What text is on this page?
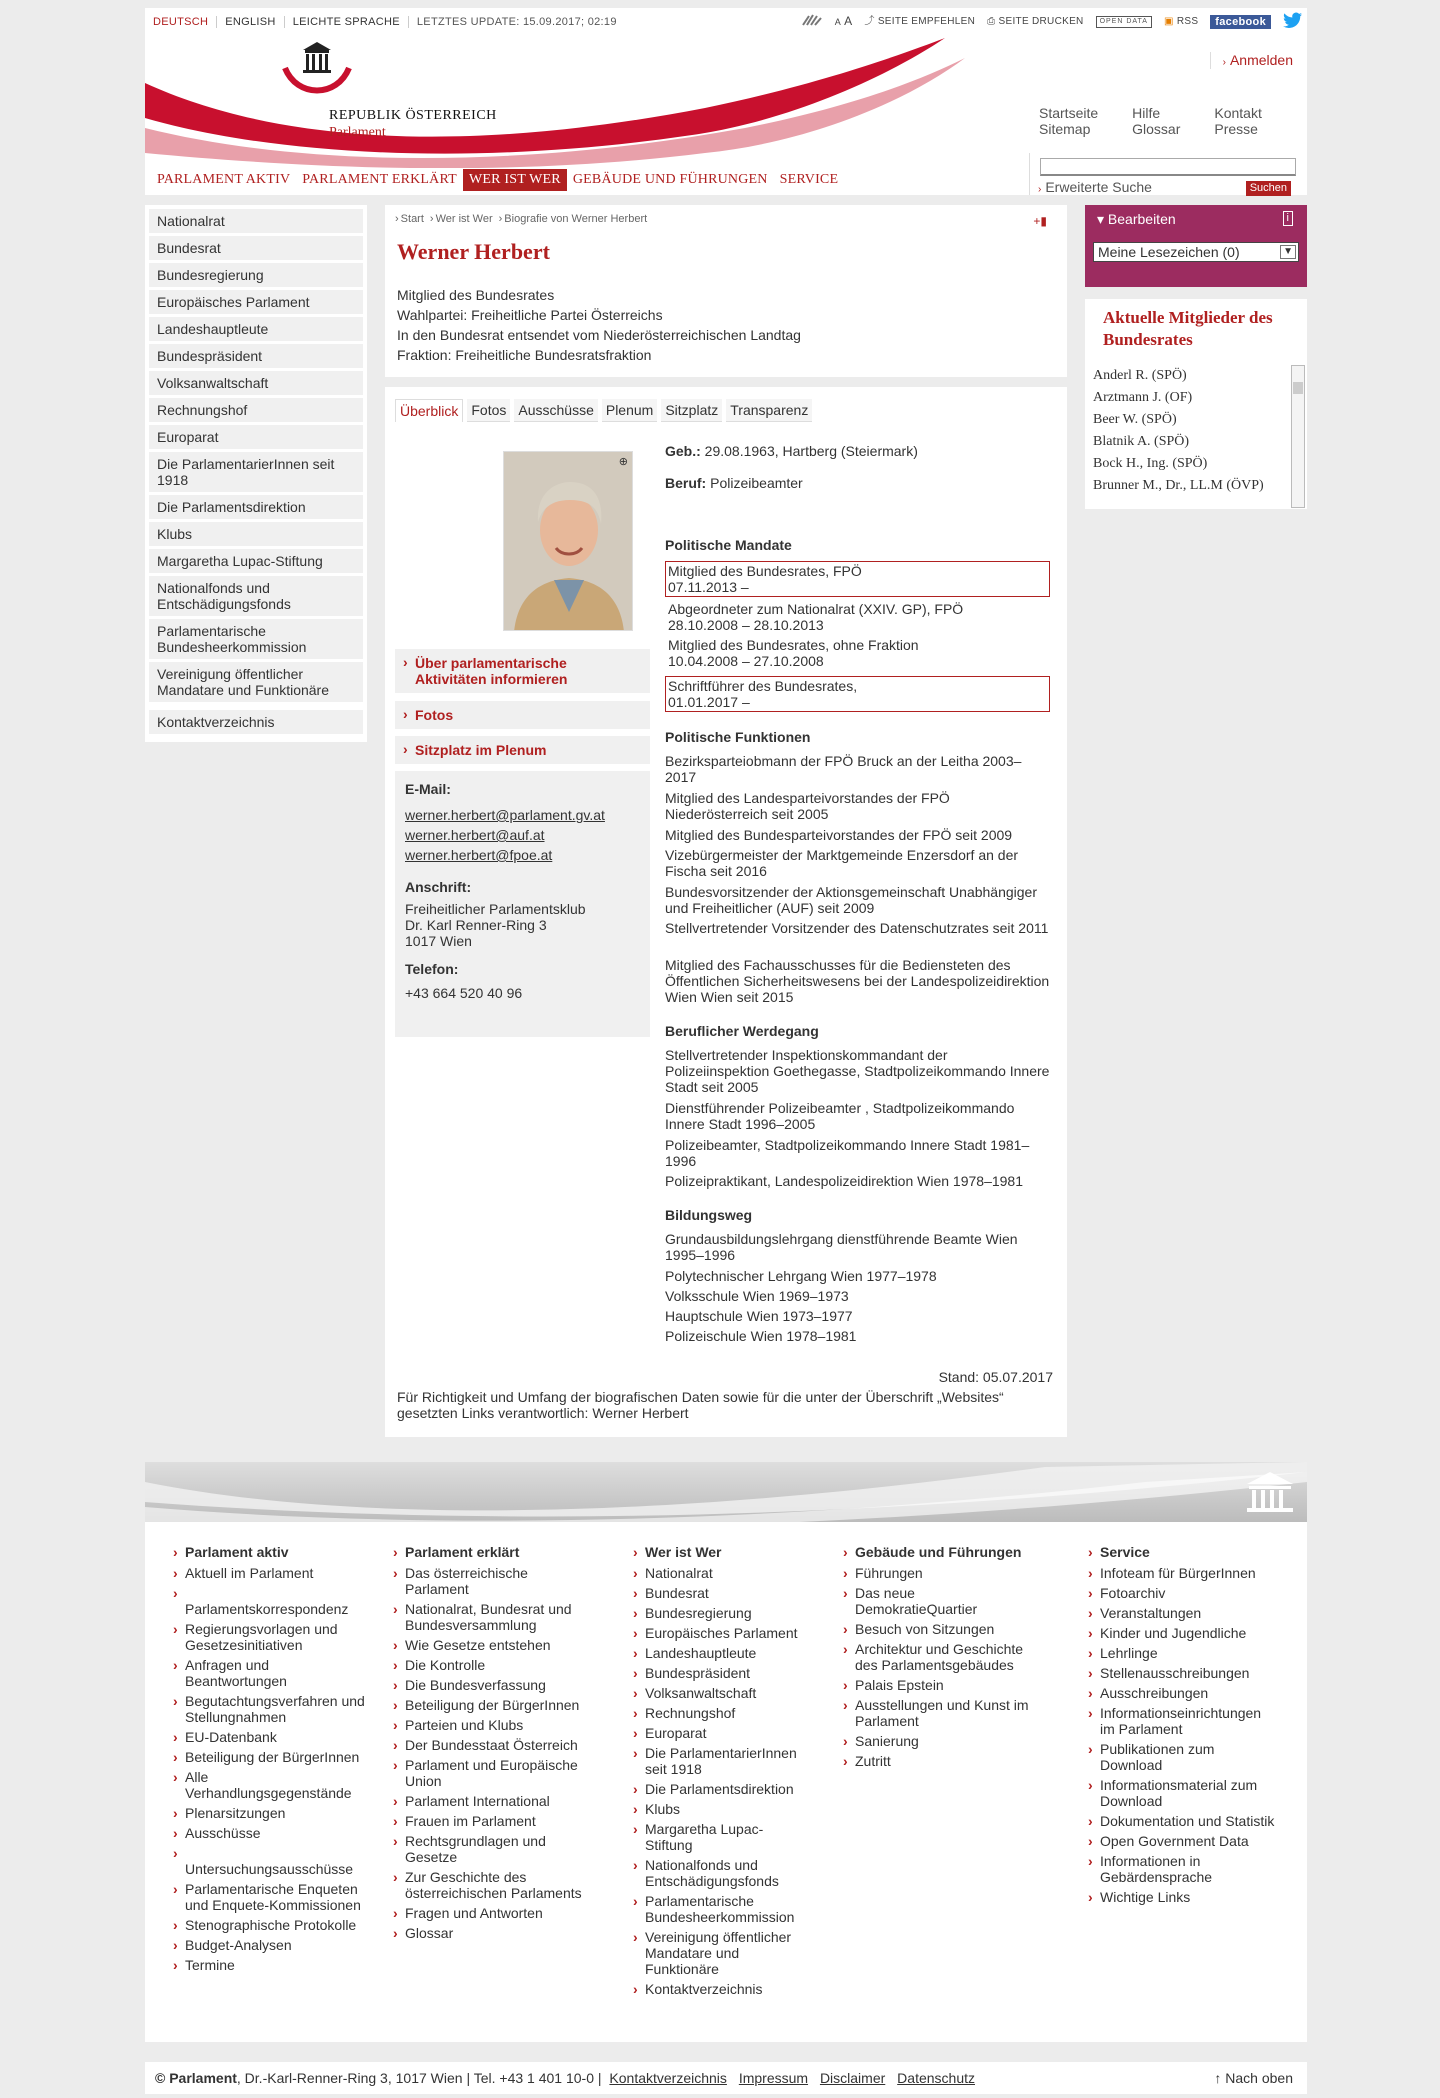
DEUTSCH	ENGLISH	LEICHTE SPRACHE	LETZTES UPDATE: 15.09.2017; 02:19	A A ⤴ SEITE EMPFEHLEN ⎙ SEITE DRUCKEN	OPEN DATA	▣ RSS	facebook
REPUBLIK ÖSTERREICH
Parlament
› Anmelden
Startseite
Sitemap
Hilfe
Glossar
Kontakt
Presse
PARLAMENT AKTIV PARLAMENT ERKLÄRT WER IST WER GEBÄUDE UND FÜHRUNGEN SERVICE
› Erweiterte Suche	Suchen
Nationalrat
Bundesrat
Bundesregierung
Europäisches Parlament
Landeshauptleute
Bundespräsident
Volksanwaltschaft
Rechnungshof
Europarat
Die ParlamentarierInnen seit 1918
Die Parlamentsdirektion
Klubs
Margaretha Lupac-Stiftung
Nationalfonds und Entschädigungsfonds
Parlamentarische Bundesheerkommission
Vereinigung öffentlicher Mandatare und Funktionäre
Kontaktverzeichnis
› Start	› Wer ist Wer	› Biografie von Werner Herbert	+▮
Werner Herbert
Mitglied des Bundesrates
Wahlpartei: Freiheitliche Partei Österreichs
In den Bundesrat entsendet vom Niederösterreichischen Landtag
Fraktion: Freiheitliche Bundesratsfraktion
Überblick Fotos Ausschüsse Plenum Sitzplatz Transparenz
⊕
› Über parlamentarische Aktivitäten informieren
› Fotos
› Sitzplatz im Plenum
E-Mail:
werner.herbert@parlament.gv.at
werner.herbert@auf.at
werner.herbert@fpoe.at
Anschrift:
Freiheitlicher Parlamentsklub
Dr. Karl Renner-Ring 3
1017 Wien
Telefon:
+43 664 520 40 96
Geb.: 29.08.1963, Hartberg (Steiermark)
Beruf: Polizeibeamter
Politische Mandate
Mitglied des Bundesrates, FPÖ
07.11.2013 –
Abgeordneter zum Nationalrat (XXIV. GP), FPÖ
28.10.2008 – 28.10.2013
Mitglied des Bundesrates, ohne Fraktion
10.04.2008 – 27.10.2008
Schriftführer des Bundesrates,
01.01.2017 –
Politische Funktionen
Bezirksparteiobmann der FPÖ Bruck an der Leitha 2003–2017
Mitglied des Landesparteivorstandes der FPÖ Niederösterreich seit 2005
Mitglied des Bundesparteivorstandes der FPÖ seit 2009
Vizebürgermeister der Marktgemeinde Enzersdorf an der Fischa seit 2016
Bundesvorsitzender der Aktionsgemeinschaft Unabhängiger und Freiheitlicher (AUF) seit 2009
Stellvertretender Vorsitzender des Datenschutzrates seit 2011
Mitglied des Fachausschusses für die Bediensteten des Öffentlichen Sicherheitswesens bei der Landespolizeidirektion Wien Wien seit 2015
Beruflicher Werdegang
Stellvertretender Inspektionskommandant der Polizeiinspektion Goethegasse, Stadtpolizeikommando Innere Stadt seit 2005
Dienstführender Polizeibeamter , Stadtpolizeikommando Innere Stadt 1996–2005
Polizeibeamter, Stadtpolizeikommando Innere Stadt 1981–1996
Polizeipraktikant, Landespolizeidirektion Wien 1978–1981
Bildungsweg
Grundausbildungslehrgang dienstführende Beamte Wien 1995–1996
Polytechnischer Lehrgang Wien 1977–1978
Volksschule Wien 1969–1973
Hauptschule Wien 1973–1977
Polizeischule Wien 1978–1981
Stand: 05.07.2017
Für Richtigkeit und Umfang der biografischen Daten sowie für die unter der Überschrift „Websites“ gesetzten Links verantwortlich: Werner Herbert
▾ Bearbeiten	i
Meine Lesezeichen (0)	▼
Aktuelle Mitglieder des Bundesrates
Anderl R. (SPÖ)
Arztmann J. (OF)
Beer W. (SPÖ)
Blatnik A. (SPÖ)
Bock H., Ing. (SPÖ)
Brunner M., Dr., LL.M (ÖVP)
› Parlament aktiv
› Aktuell im Parlament
› Parlamentskorrespondenz
› Regierungsvorlagen und Gesetzesinitiativen
› Anfragen und Beantwortungen
› Begutachtungsverfahren und Stellungnahmen
› EU-Datenbank
› Beteiligung der BürgerInnen
› Alle Verhandlungsgegenstände
› Plenarsitzungen
› Ausschüsse
› Untersuchungsausschüsse
› Parlamentarische Enqueten und Enquete-Kommissionen
› Stenographische Protokolle
› Budget-Analysen
› Termine
› Parlament erklärt
› Das österreichische Parlament
› Nationalrat, Bundesrat und Bundesversammlung
› Wie Gesetze entstehen
› Die Kontrolle
› Die Bundesverfassung
› Beteiligung der BürgerInnen
› Parteien und Klubs
› Der Bundesstaat Österreich
› Parlament und Europäische Union
› Parlament International
› Frauen im Parlament
› Rechtsgrundlagen und Gesetze
› Zur Geschichte des österreichischen Parlaments
› Fragen und Antworten
› Glossar
› Wer ist Wer
› Nationalrat
› Bundesrat
› Bundesregierung
› Europäisches Parlament
› Landeshauptleute
› Bundespräsident
› Volksanwaltschaft
› Rechnungshof
› Europarat
› Die ParlamentarierInnen seit 1918
› Die Parlamentsdirektion
› Klubs
› Margaretha Lupac-Stiftung
› Nationalfonds und Entschädigungsfonds
› Parlamentarische Bundesheerkommission
› Vereinigung öffentlicher Mandatare und Funktionäre
› Kontaktverzeichnis
› Gebäude und Führungen
› Führungen
› Das neue DemokratieQuartier
› Besuch von Sitzungen
› Architektur und Geschichte des Parlamentsgebäudes
› Palais Epstein
› Ausstellungen und Kunst im Parlament
› Sanierung
› Zutritt
› Service
› Infoteam für BürgerInnen
› Fotoarchiv
› Veranstaltungen
› Kinder und Jugendliche
› Lehrlinge
› Stellenausschreibungen
› Ausschreibungen
› Informationseinrichtungen im Parlament
› Publikationen zum Download
› Informationsmaterial zum Download
› Dokumentation und Statistik
› Open Government Data
› Informationen in Gebärdensprache
› Wichtige Links
© Parlament, Dr.-Karl-Renner-Ring 3, 1017 Wien | Tel. +43 1 401 10-0 | Kontaktverzeichnis Impressum Disclaimer Datenschutz	↑ Nach oben
